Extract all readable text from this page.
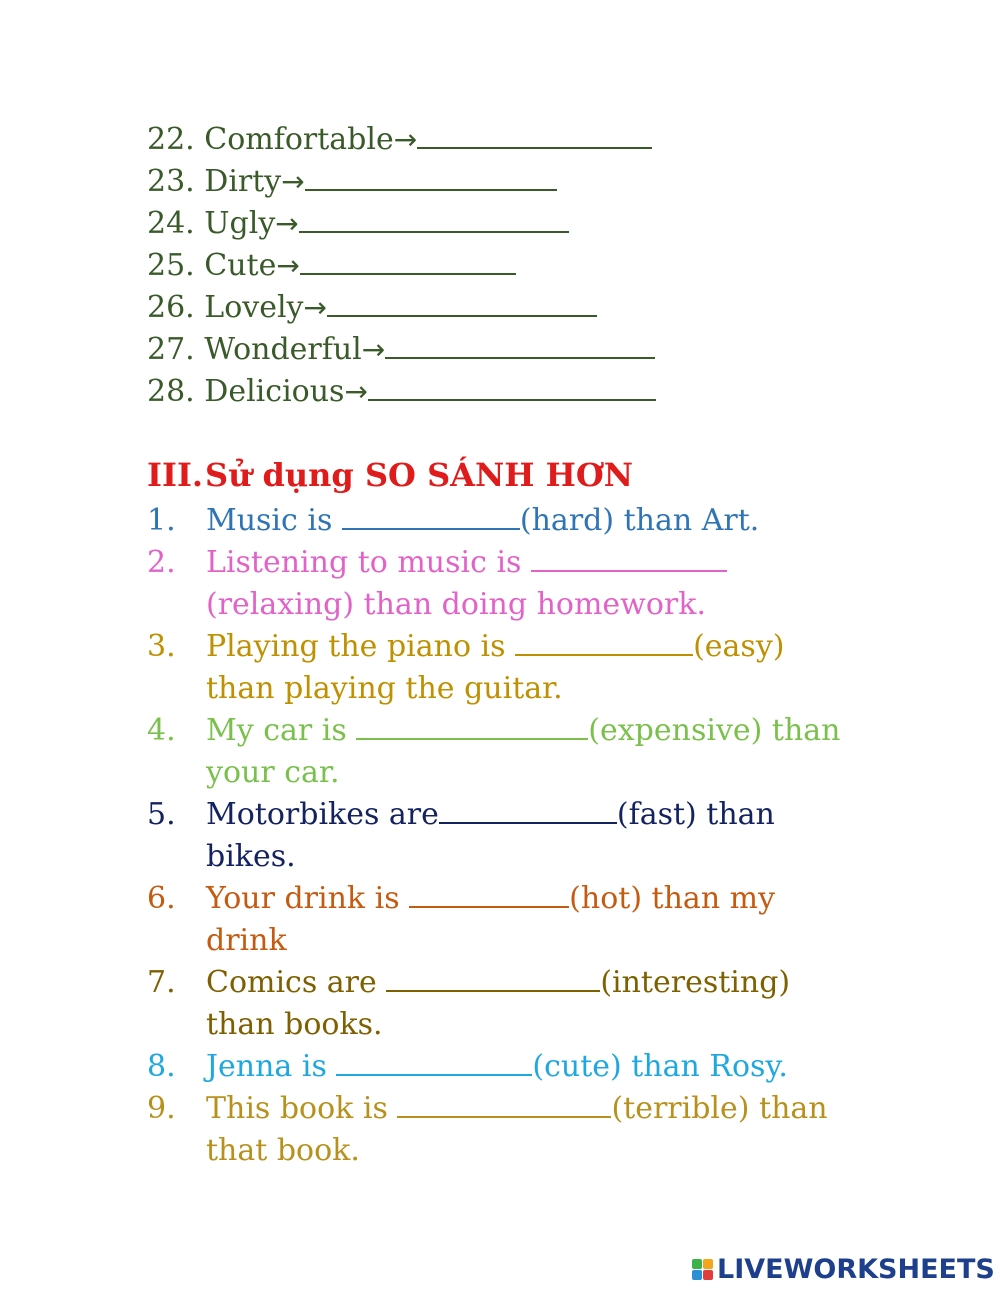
22. Comfortable→
23. Dirty→
24. Ugly→
25. Cute→
26. Lovely→
27. Wonderful→
28. Delicious→
III.Sử dụng SO SÁNH HƠN
1.	Music is	(hard) than Art.
2.	Listening to music is
(relaxing) than doing homework.
3.	Playing the piano is	(easy)
than playing the guitar.
4.	My car is	(expensive) than
your car.
5.	Motorbikes are	(fast) than
bikes.
6.	Your drink is	(hot) than my
drink
7.	Comics are	(interesting)
than books.
8.	Jenna is	(cute) than Rosy.
9.	This book is	(terrible) than
that book.
LIVEWORKSHEETS
